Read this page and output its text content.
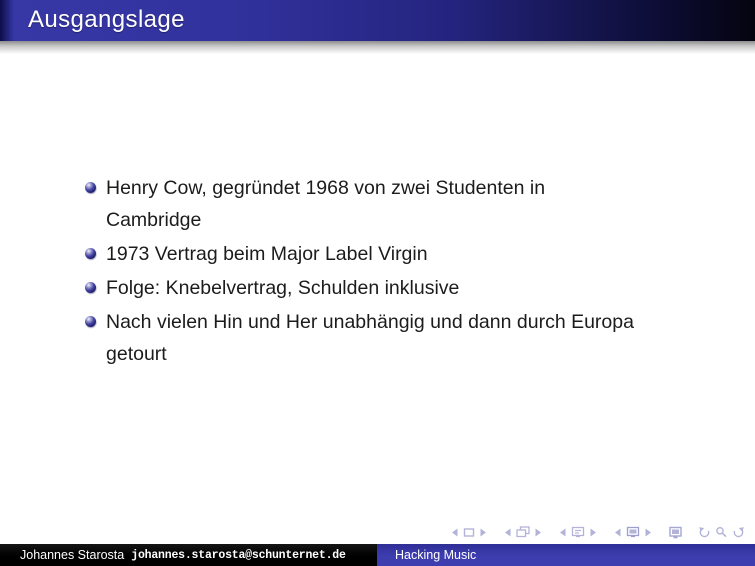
Ausgangslage
Henry Cow, gegründet 1968 von zwei Studenten in
Cambridge
1973 Vertrag beim Major Label Virgin
Folge: Knebelvertrag, Schulden inklusive
Nach vielen Hin und Her unabhängig und dann durch Europa
getourt
Johannes Starosta johannes.starosta@schunternet.de	Hacking Music
